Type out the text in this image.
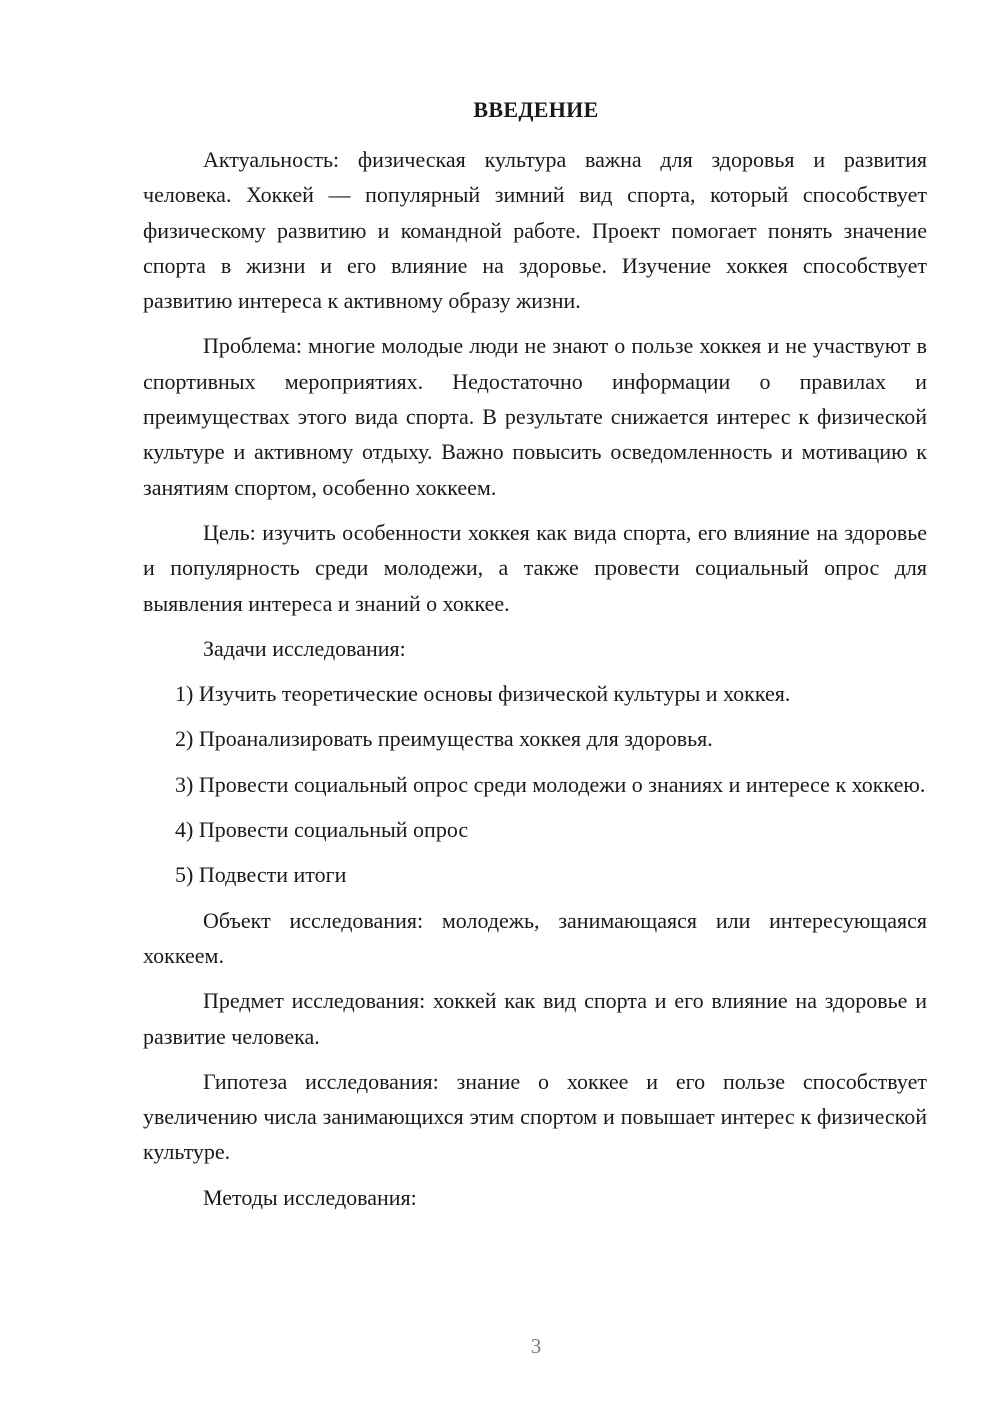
ВВЕДЕНИЕ

Актуальность: физическая культура важна для здоровья и развития человека. Хоккей — популярный зимний вид спорта, который способствует физическому развитию и командной работе. Проект помогает понять значение спорта в жизни и его влияние на здоровье. Изучение хоккея способствует развитию интереса к активному образу жизни.

Проблема: многие молодые люди не знают о пользе хоккея и не участвуют в спортивных мероприятиях. Недостаточно информации о правилах и преимуществах этого вида спорта. В результате снижается интерес к физической культуре и активному отдыху. Важно повысить осведомленность и мотивацию к занятиям спортом, особенно хоккеем.

Цель: изучить особенности хоккея как вида спорта, его влияние на здоровье и популярность среди молодежи, а также провести социальный опрос для выявления интереса и знаний о хоккее.

Задачи исследования:

1) Изучить теоретические основы физической культуры и хоккея.

2) Проанализировать преимущества хоккея для здоровья.

3) Провести социальный опрос среди молодежи о знаниях и интересе к хоккею.

4) Провести социальный опрос

5) Подвести итоги

Объект исследования: молодежь, занимающаяся или интересующаяся хоккеем.

Предмет исследования: хоккей как вид спорта и его влияние на здоровье и развитие человека.

Гипотеза исследования: знание о хоккее и его пользе способствует увеличению числа занимающихся этим спортом и повышает интерес к физической культуре.

Методы исследования:

3
